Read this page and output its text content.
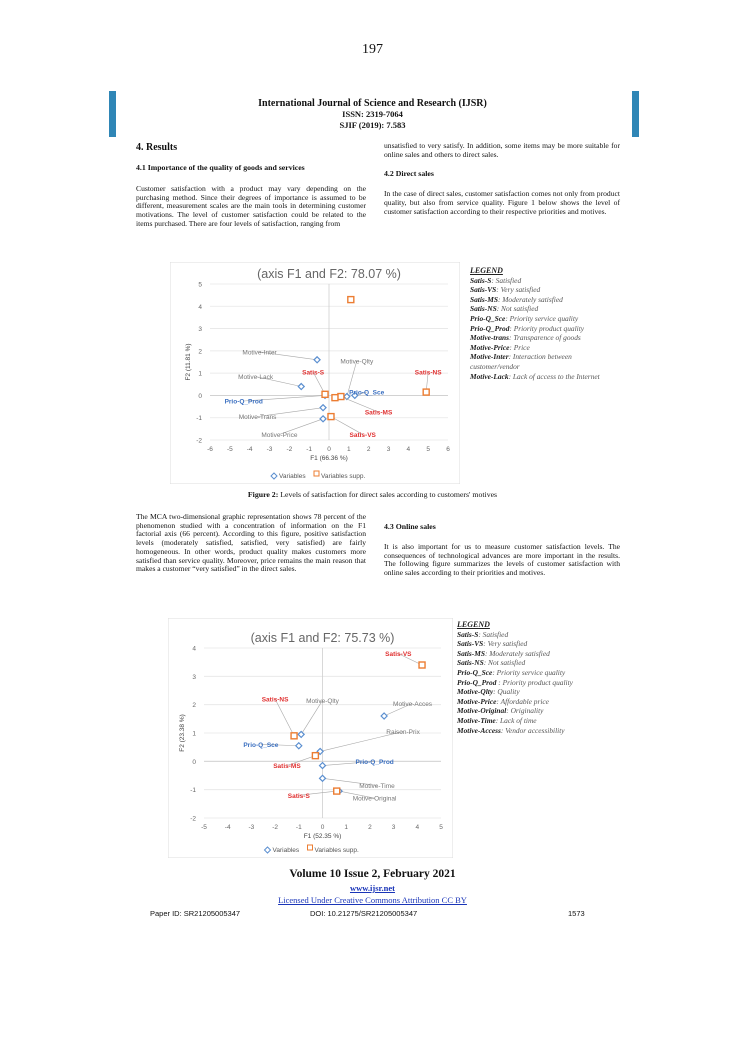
197
International Journal of Science and Research (IJSR)
ISSN: 2319-7064
SJIF (2019): 7.583
4. Results
4.1 Importance of the quality of goods and services
Customer satisfaction with a product may vary depending on the purchasing method. Since their degrees of importance is assumed to be different, measurement scales are the main tools in determining customer motivations. The level of customer satisfaction could be related to the items purchased. There are four levels of satisfaction, ranging from
unsatisfied to very satisfy. In addition, some items may be more suitable for online sales and others to direct sales.
4.2 Direct sales
In the case of direct sales, customer satisfaction comes not only from product quality, but also from service quality. Figure 1 below shows the level of customer satisfaction according to their respective priorities and motives.
-2
-1
0
1
2
3
4
5
-6 -5 -4 -3 -2 -1 0 1 2 3 4 5 6
(axis F1 and F2: 78.07 %)
F1 (66.36 %)
F2 (11.81 %)	Motive-Inter
Motive-Lack
Prio-Q_Prod
Motive-Trans
Motive-Price
Motive-Qlty
Prio-Q_Sce
Satis-S	Satis-NS
Satis-MS
Satis-VS
Variables Variables supp.
LEGEND
Satis-S: Satisfied
Satis-VS: Very satisfied
Satis-MS: Moderately satisfied
Satis-NS: Not satisfied
Prio-Q_Sce: Priority service quality
Prio-Q_Prod: Priority product quality
Motive-trans: Transparence of goods
Motive-Price: Price
Motive-Inter: Interaction between customer/vendor
Motive-Lack: Lack of access to the Internet
Figure 2: Levels of satisfaction for direct sales according to customers' motives
The MCA two-dimensional graphic representation shows 78 percent of the phenomenon studied with a concentration of information on the F1 factorial axis (66 percent). According to this figure, positive satisfaction levels (moderately satisfied, satisfied, very satisfied) are fairly homogeneous. In other words, product quality makes customers more satisfied than service quality. Moreover, price remains the main reason that makes a customer “very satisfied” in the direct sales.
4.3 Online sales
It is also important for us to measure customer satisfaction levels. The consequences of technological advances are more important in the results. The following figure summarizes the levels of customer satisfaction with online sales according to their priorities and motives.
-2
-1
0
1
2
3
4
-5	-4	-3	-2	-1	0	1	2	3	4	5
(axis F1 and F2: 75.73 %)
F1 (52.35 %)
F2 (23.38 %)
Motive-Qlty
Prio-Q_Sce
Motive-Acces
Raison-Prix
Prio-Q_Prod
Motive-Time
Motive-Original
Satis-VS
Satis-NS
Satis-MS
Satis-S
Variables Variables supp.
LEGEND
Satis-S: Satisfied
Satis-VS: Very satisfied
Satis-MS: Moderately satisfied
Satis-NS: Not satisfied
Prio-Q_Sce: Priority service quality
Prio-Q_Prod : Priority product quality
Motive-Qlty: Quality
Motive-Price: Affordable price
Motive-Original: Originality
Motive-Time: Lack of time
Motive-Access: Vendor accessibility
Volume 10 Issue 2, February 2021
www.ijsr.net
Licensed Under Creative Commons Attribution CC BY
Paper ID: SR21205005347	DOI: 10.21275/SR21205005347	1573
